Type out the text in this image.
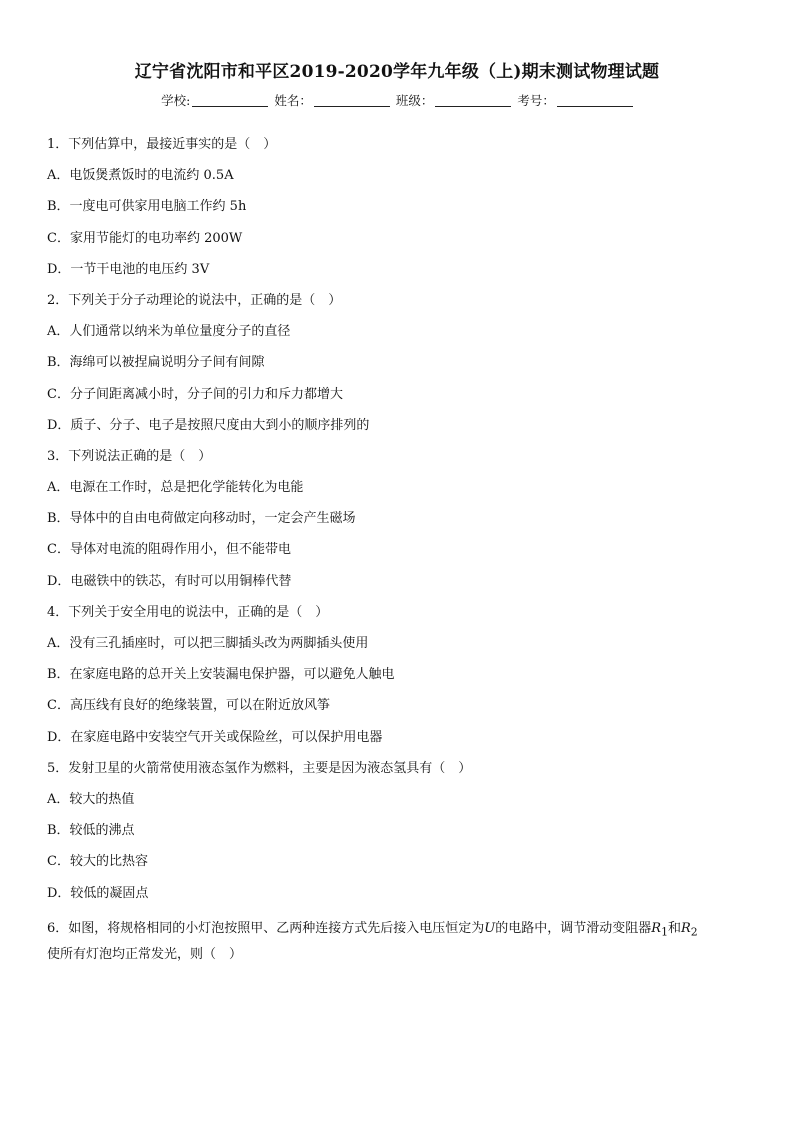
辽宁省沈阳市和平区2019-2020学年九年级（上)期末测试物理试题
学校:	姓名：	班级：	考号：
1．下列估算中，最接近事实的是（　）
A．电饭煲煮饭时的电流约 0.5A
B．一度电可供家用电脑工作约 5h
C．家用节能灯的电功率约 200W
D．一节干电池的电压约 3V
2．下列关于分子动理论的说法中，正确的是（　）
A．人们通常以纳米为单位量度分子的直径
B．海绵可以被捏扁说明分子间有间隙
C．分子间距离减小时，分子间的引力和斥力都增大
D．质子、分子、电子是按照尺度由大到小的顺序排列的
3．下列说法正确的是（　）
A．电源在工作时，总是把化学能转化为电能
B．导体中的自由电荷做定向移动时，一定会产生磁场
C．导体对电流的阻碍作用小，但不能带电
D．电磁铁中的铁芯，有时可以用铜棒代替
4．下列关于安全用电的说法中，正确的是（　）
A．没有三孔插座时，可以把三脚插头改为两脚插头使用
B．在家庭电路的总开关上安装漏电保护器，可以避免人触电
C．高压线有良好的绝缘装置，可以在附近放风筝
D．在家庭电路中安装空气开关或保险丝，可以保护用电器
5．发射卫星的火箭常使用液态氢作为燃料，主要是因为液态氢具有（　）
A．较大的热值
B．较低的沸点
C．较大的比热容
D．较低的凝固点
6．如图，将规格相同的小灯泡按照甲、乙两种连接方式先后接入电压恒定为U的电路中，调节滑动变阻器$R_1$和$R_2$
使所有灯泡均正常发光，则（　）
